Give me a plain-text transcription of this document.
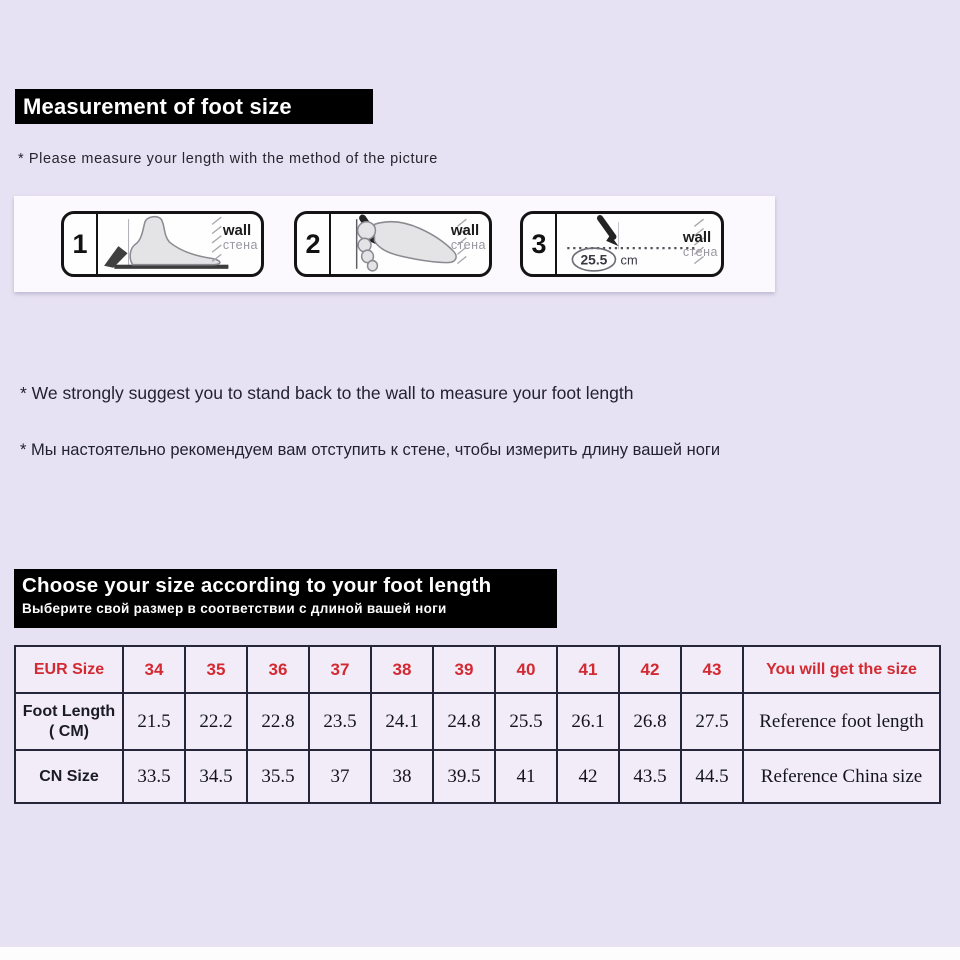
Measurement of foot size
* Please measure your length with the method of the picture
1	wall
стена	2	wall
стена	3
25.5 cm
wall
стена
* We strongly suggest you to stand back to the wall to measure your foot length
* Мы настоятельно рекомендуем вам отступить к стене, чтобы измерить длину вашей ноги
Choose your size according to your foot length
Выберите свой размер в соответствии с длиной вашей ноги
EUR Size	34	35	36	37	38	39	40	41	42	43	You will get the size

Foot Length
( CM)	21.5	22.2	22.8	23.5	24.1	24.8	25.5	26.1	26.8	27.5	Reference foot length
CN Size	33.5	34.5	35.5	37	38	39.5	41	42	43.5	44.5	Reference China size
